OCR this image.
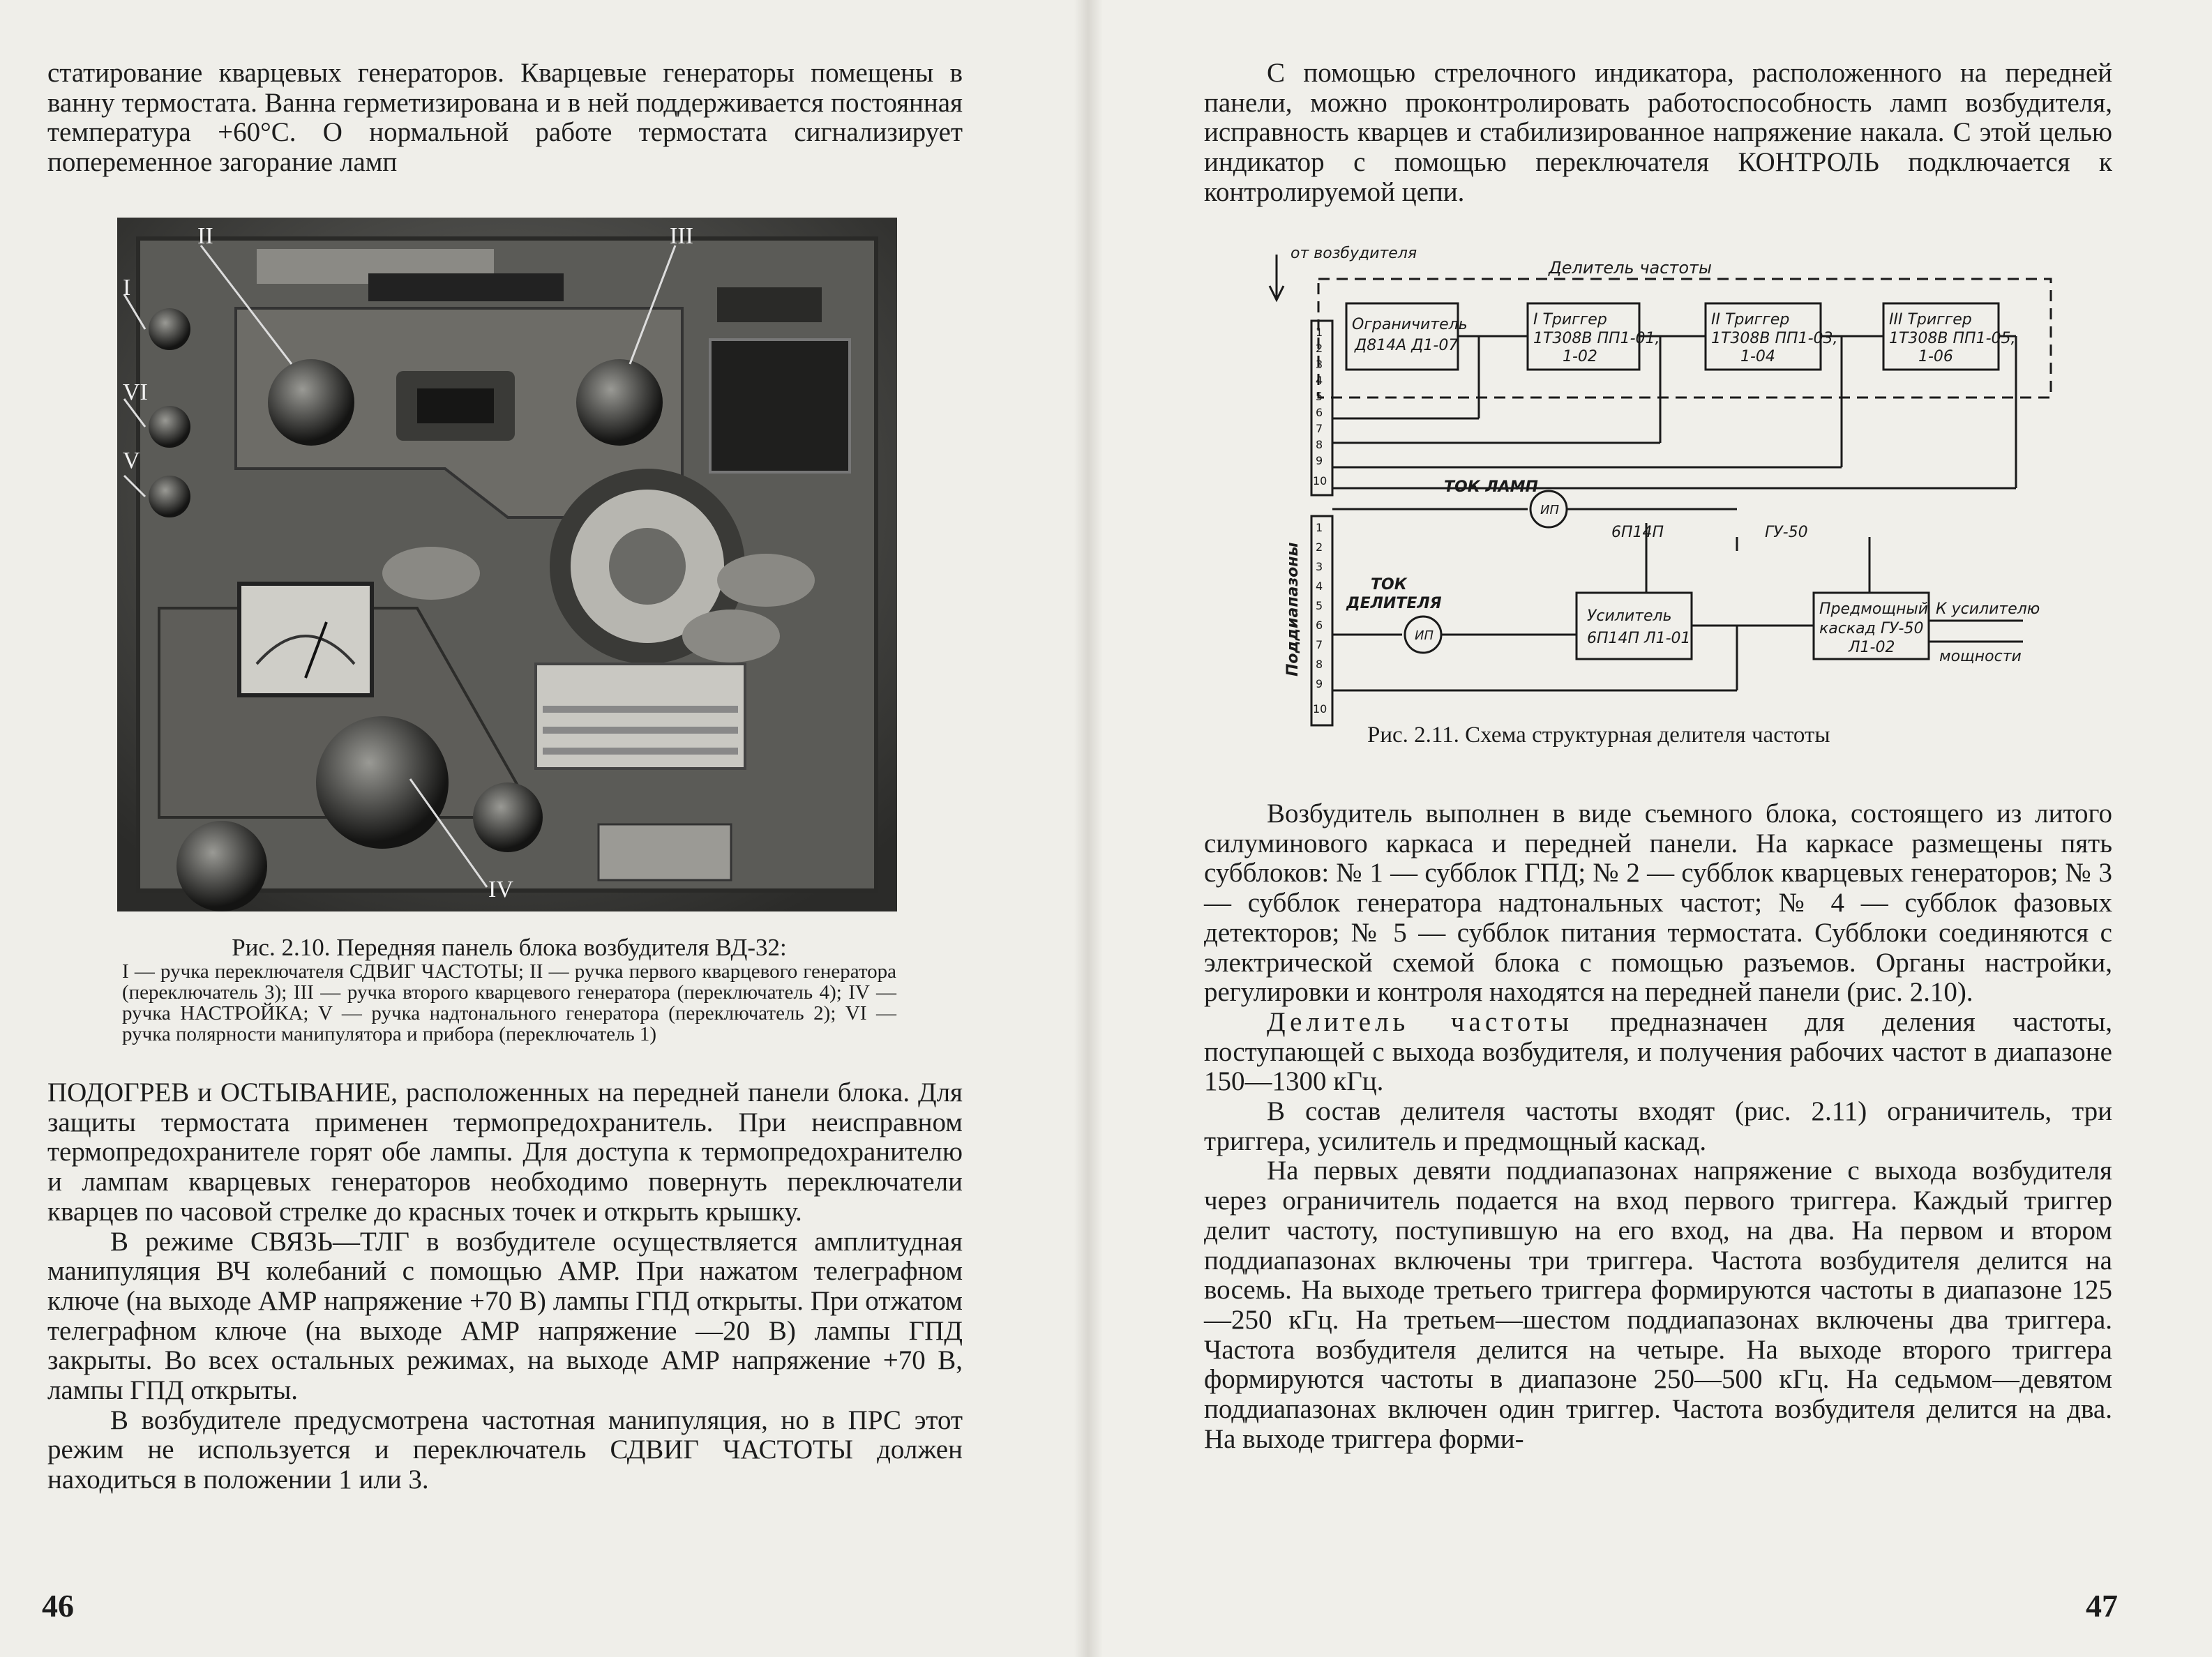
статирование кварцевых генераторов. Кварцевые генераторы помещены в ванну термостата. Ванна герметизирована и в ней поддерживается постоянная температура +60°С. О нормальной работе термостата сигнализирует попеременное загорание ламп

I
II	III
IV
V
VI
Рис. 2.10. Передняя панель блока возбудителя ВД-32:
I — ручка переключателя СДВИГ ЧАСТОТЫ; II — ручка первого кварцевого генератора (переключатель 3); III — ручка второго кварцевого генератора (переключатель 4); IV — ручка НАСТРОЙКА; V — ручка надтонального генератора (переключатель 2); VI — ручка полярности манипулятора и прибора (переключатель 1)

ПОДОГРЕВ и ОСТЫВАНИЕ, расположенных на передней панели блока. Для защиты термостата применен термопредохранитель. При неисправном термопредохранителе горят обе лампы. Для доступа к термопредохранителю и лампам кварцевых генераторов необходимо повернуть переключатели кварцев по часовой стрелке до красных точек и открыть крышку.

В режиме СВЯЗЬ—ТЛГ в возбудителе осуществляется амплитудная манипуляция ВЧ колебаний с помощью АМР. При нажатом телеграфном ключе (на выходе АМР напряжение +70 В) лампы ГПД открыты. При отжатом телеграфном ключе (на выходе АМР напряжение —20 В) лампы ГПД закрыты. Во всех остальных режимах, на выходе АМР напряжение +70 В, лампы ГПД открыты.

В возбудителе предусмотрена частотная манипуляция, но в ПРС этот режим не используется и переключатель СДВИГ ЧАСТОТЫ должен находиться в положении 1 или 3.

46

С помощью стрелочного индикатора, расположенного на передней панели, можно проконтролировать работоспособность ламп возбудителя, исправность кварцев и стабилизированное напряжение накала. С этой целью индикатор с помощью переключателя КОНТРОЛЬ подключается к контролируемой цепи.

от возбудителя
Делитель частоты
Поддиапазоны
Ограничитель
Д814А Д1-07
I Триггер
1Т308В ПП1-01,
1-02
II Триггер
1Т308В ПП1-03,
1-04
III Триггер
1Т308В ПП1-05,
1-06
Усилитель
6П14П Л1-01
Предмощный
каскад ГУ-50
Л1-02
ТОК ЛАМП
ТОК
ДЕЛИТЕЛЯ
6П14П	ГУ-50
ИП
ИП
К усилителю
мощности
1
2
3
4
5
6
7
8
9
10
1
2
3
4
5
6
7
8
9
10
Рис. 2.11. Схема структурная делителя частоты

Возбудитель выполнен в виде съемного блока, состоящего из литого силуминового каркаса и передней панели. На каркасе размещены пять субблоков: № 1 — субблок ГПД; № 2 — субблок кварцевых генераторов; № 3 — субблок генератора надтональных частот; № 4 — субблок фазовых детекторов; № 5 — субблок питания термостата. Субблоки соединяются с электрической схемой блока с помощью разъемов. Органы настройки, регулировки и контроля находятся на передней панели (рис. 2.10).

Делитель частоты предназначен для деления частоты, поступающей с выхода возбудителя, и получения рабочих частот в диапазоне 150—1300 кГц.

В состав делителя частоты входят (рис. 2.11) ограничитель, три триггера, усилитель и предмощный каскад.

На первых девяти поддиапазонах напряжение с выхода возбудителя через ограничитель подается на вход первого триггера. Каждый триггер делит частоту, поступившую на его вход, на два. На первом и втором поддиапазонах включены три триггера. Частота возбудителя делится на восемь. На выходе третьего триггера формируются частоты в диапазоне 125—250 кГц. На третьем—шестом поддиапазонах включены два триггера. Частота возбудителя делится на четыре. На выходе второго триггера формируются частоты в диапазоне 250—500 кГц. На седьмом—девятом поддиапазонах включен один триггер. Частота возбудителя делится на два. На выходе триггера форми-

47
